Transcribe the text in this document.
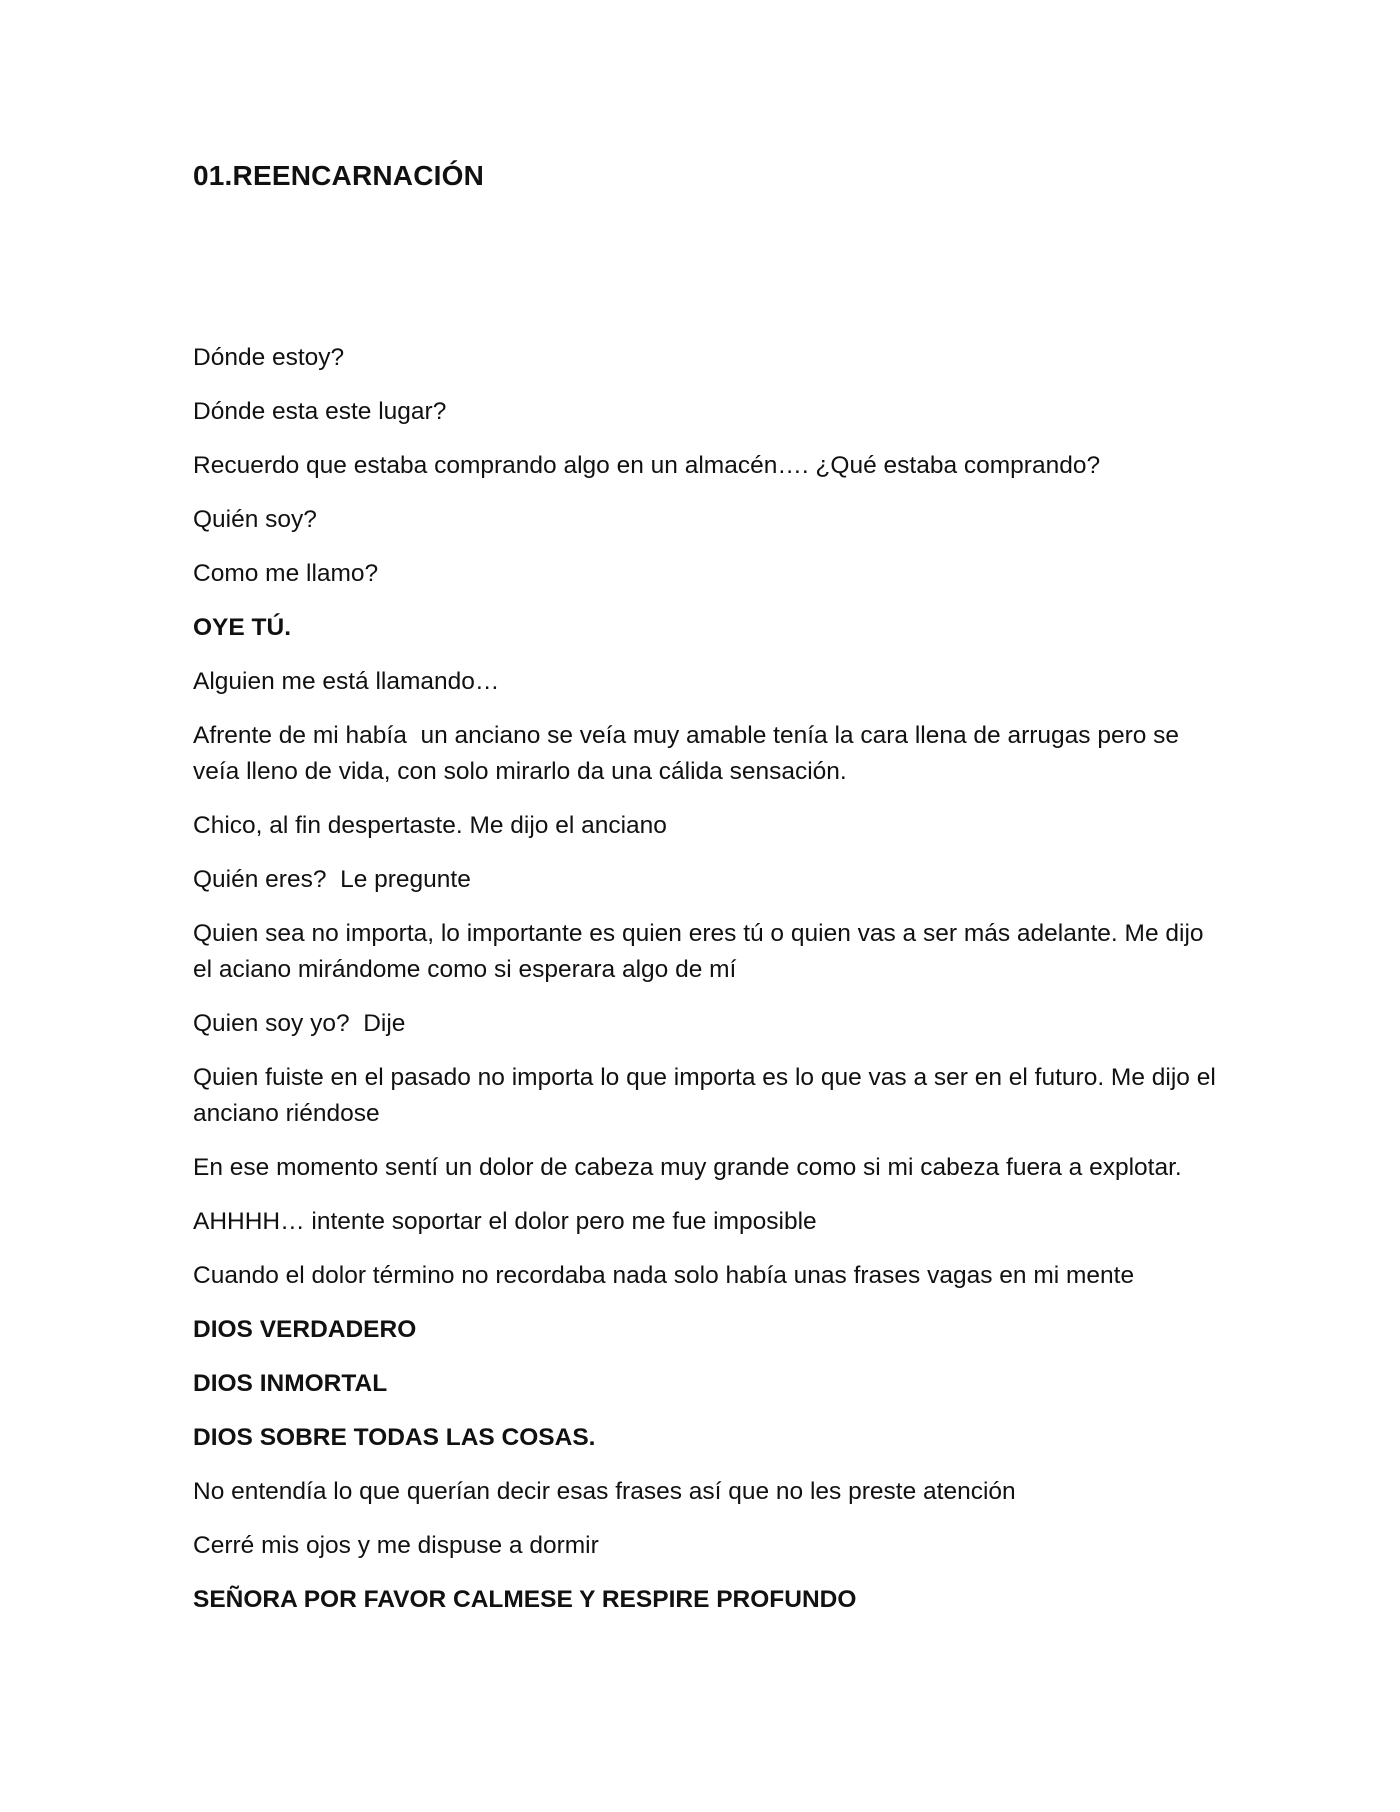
01.REENCARNACIÓN

Dónde estoy?

Dónde esta este lugar?

Recuerdo que estaba comprando algo en un almacén…. ¿Qué estaba comprando?

Quién soy?

Como me llamo?

OYE TÚ.

Alguien me está llamando…

Afrente de mi había  un anciano se veía muy amable tenía la cara llena de arrugas pero se veía lleno de vida, con solo mirarlo da una cálida sensación.

Chico, al fin despertaste. Me dijo el anciano

Quién eres?  Le pregunte

Quien sea no importa, lo importante es quien eres tú o quien vas a ser más adelante. Me dijo el aciano mirándome como si esperara algo de mí

Quien soy yo?  Dije

Quien fuiste en el pasado no importa lo que importa es lo que vas a ser en el futuro. Me dijo el anciano riéndose

En ese momento sentí un dolor de cabeza muy grande como si mi cabeza fuera a explotar.

AHHHH… intente soportar el dolor pero me fue imposible

Cuando el dolor término no recordaba nada solo había unas frases vagas en mi mente

DIOS VERDADERO

DIOS INMORTAL

DIOS SOBRE TODAS LAS COSAS.

No entendía lo que querían decir esas frases así que no les preste atención

Cerré mis ojos y me dispuse a dormir

SEÑORA POR FAVOR CALMESE Y RESPIRE PROFUNDO
